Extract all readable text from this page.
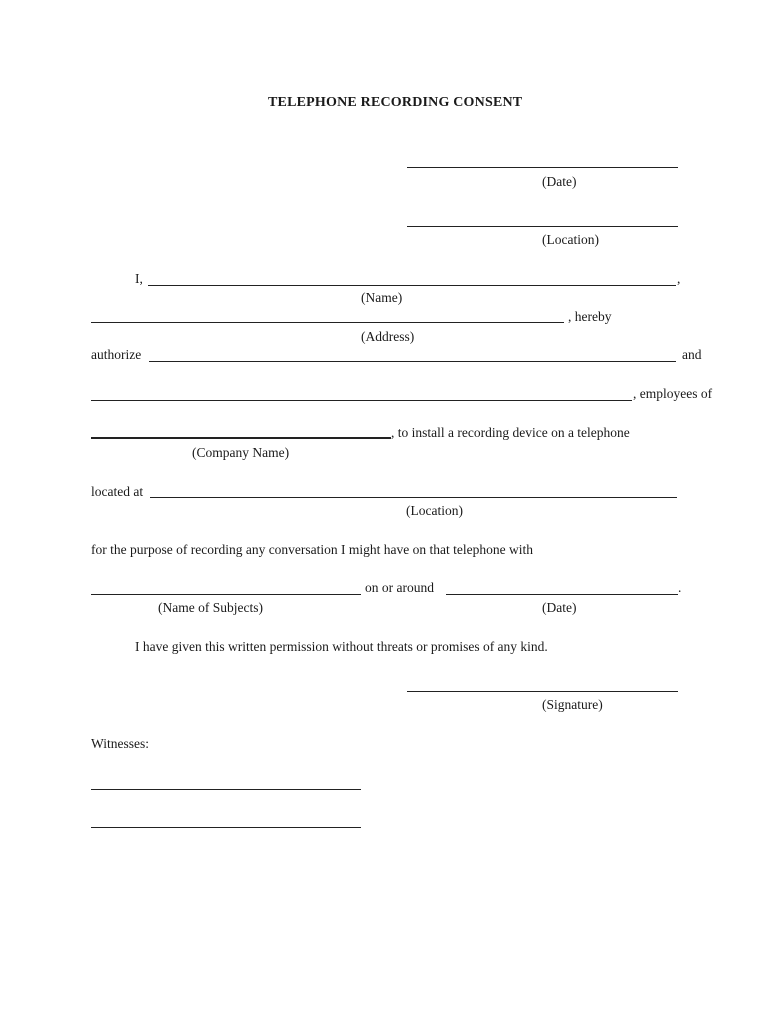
TELEPHONE RECORDING CONSENT
(Date)
(Location)
I,	,
(Name)
, hereby
(Address)
authorize	and
, employees of
, to install a recording device on a telephone
(Company Name)
located at
(Location)
for the purpose of recording any conversation I might have on that telephone with
on or around	.
(Name of Subjects)	(Date)
I have given this written permission without threats or promises of any kind.
(Signature)
Witnesses:
